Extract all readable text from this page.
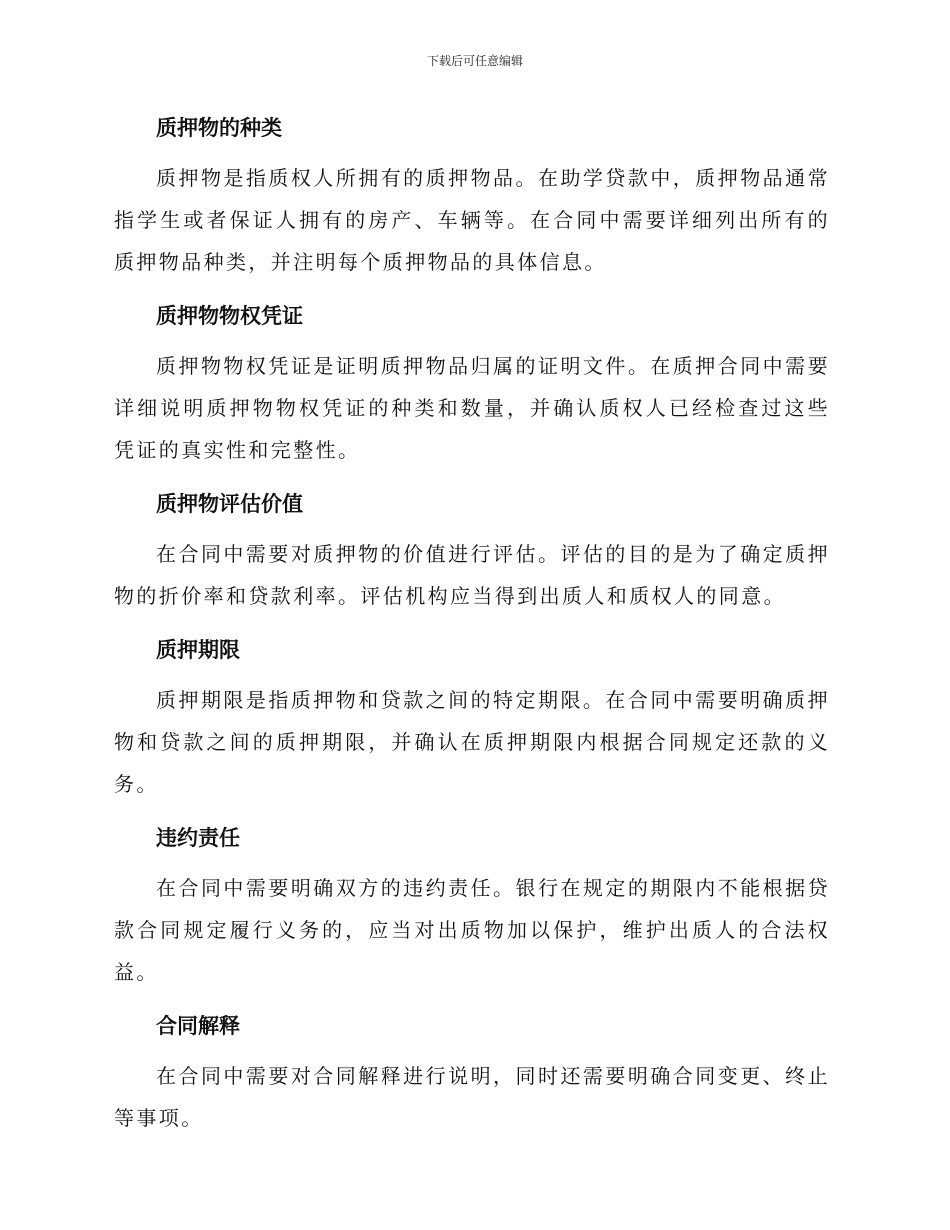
下载后可任意编辑
质押物的种类

质押物是指质权人所拥有的质押物品。在助学贷款中，质押物品通常指学生或者保证人拥有的房产、车辆等。在合同中需要详细列出所有的质押物品种类，并注明每个质押物品的具体信息。

质押物物权凭证

质押物物权凭证是证明质押物品归属的证明文件。在质押合同中需要详细说明质押物物权凭证的种类和数量，并确认质权人已经检查过这些凭证的真实性和完整性。

质押物评估价值

在合同中需要对质押物的价值进行评估。评估的目的是为了确定质押物的折价率和贷款利率。评估机构应当得到出质人和质权人的同意。

质押期限

质押期限是指质押物和贷款之间的特定期限。在合同中需要明确质押物和贷款之间的质押期限，并确认在质押期限内根据合同规定还款的义务。

违约责任

在合同中需要明确双方的违约责任。银行在规定的期限内不能根据贷款合同规定履行义务的，应当对出质物加以保护，维护出质人的合法权益。

合同解释

在合同中需要对合同解释进行说明，同时还需要明确合同变更、终止等事项。
